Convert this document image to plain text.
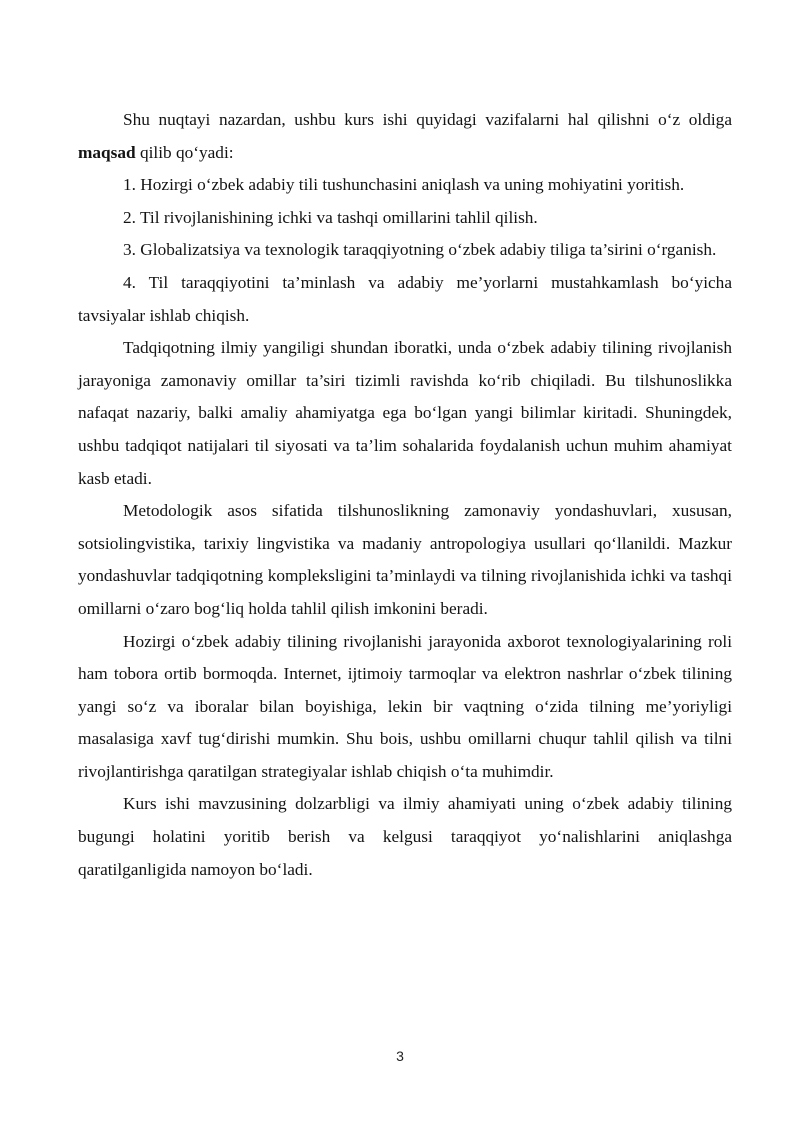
Shu nuqtayi nazardan, ushbu kurs ishi quyidagi vazifalarni hal qilishni o‘z oldiga maqsad qilib qo‘yadi:

1. Hozirgi o‘zbek adabiy tili tushunchasini aniqlash va uning mohiyatini yoritish.

2. Til rivojlanishining ichki va tashqi omillarini tahlil qilish.

3. Globalizatsiya va texnologik taraqqiyotning o‘zbek adabiy tiliga ta’sirini o‘rganish.

4. Til taraqqiyotini ta’minlash va adabiy me’yorlarni mustahkamlash bo‘yicha tavsiyalar ishlab chiqish.

Tadqiqotning ilmiy yangiligi shundan iboratki, unda o‘zbek adabiy tilining rivojlanish jarayoniga zamonaviy omillar ta’siri tizimli ravishda ko‘rib chiqiladi. Bu tilshunoslikka nafaqat nazariy, balki amaliy ahamiyatga ega bo‘lgan yangi bilimlar kiritadi. Shuningdek, ushbu tadqiqot natijalari til siyosati va ta’lim sohalarida foydalanish uchun muhim ahamiyat kasb etadi.

Metodologik asos sifatida tilshunoslikning zamonaviy yondashuvlari, xususan, sotsiolingvistika, tarixiy lingvistika va madaniy antropologiya usullari qo‘llanildi. Mazkur yondashuvlar tadqiqotning kompleksligini ta’minlaydi va tilning rivojlanishida ichki va tashqi omillarni o‘zaro bog‘liq holda tahlil qilish imkonini beradi.

Hozirgi o‘zbek adabiy tilining rivojlanishi jarayonida axborot texnologiyalarining roli ham tobora ortib bormoqda. Internet, ijtimoiy tarmoqlar va elektron nashrlar o‘zbek tilining yangi so‘z va iboralar bilan boyishiga, lekin bir vaqtning o‘zida tilning me’yoriyligi masalasiga xavf tug‘dirishi mumkin. Shu bois, ushbu omillarni chuqur tahlil qilish va tilni rivojlantirishga qaratilgan strategiyalar ishlab chiqish o‘ta muhimdir.

Kurs ishi mavzusining dolzarbligi va ilmiy ahamiyati uning o‘zbek adabiy tilining bugungi holatini yoritib berish va kelgusi taraqqiyot yo‘nalishlarini aniqlashga qaratilganligida namoyon bo‘ladi.

3
